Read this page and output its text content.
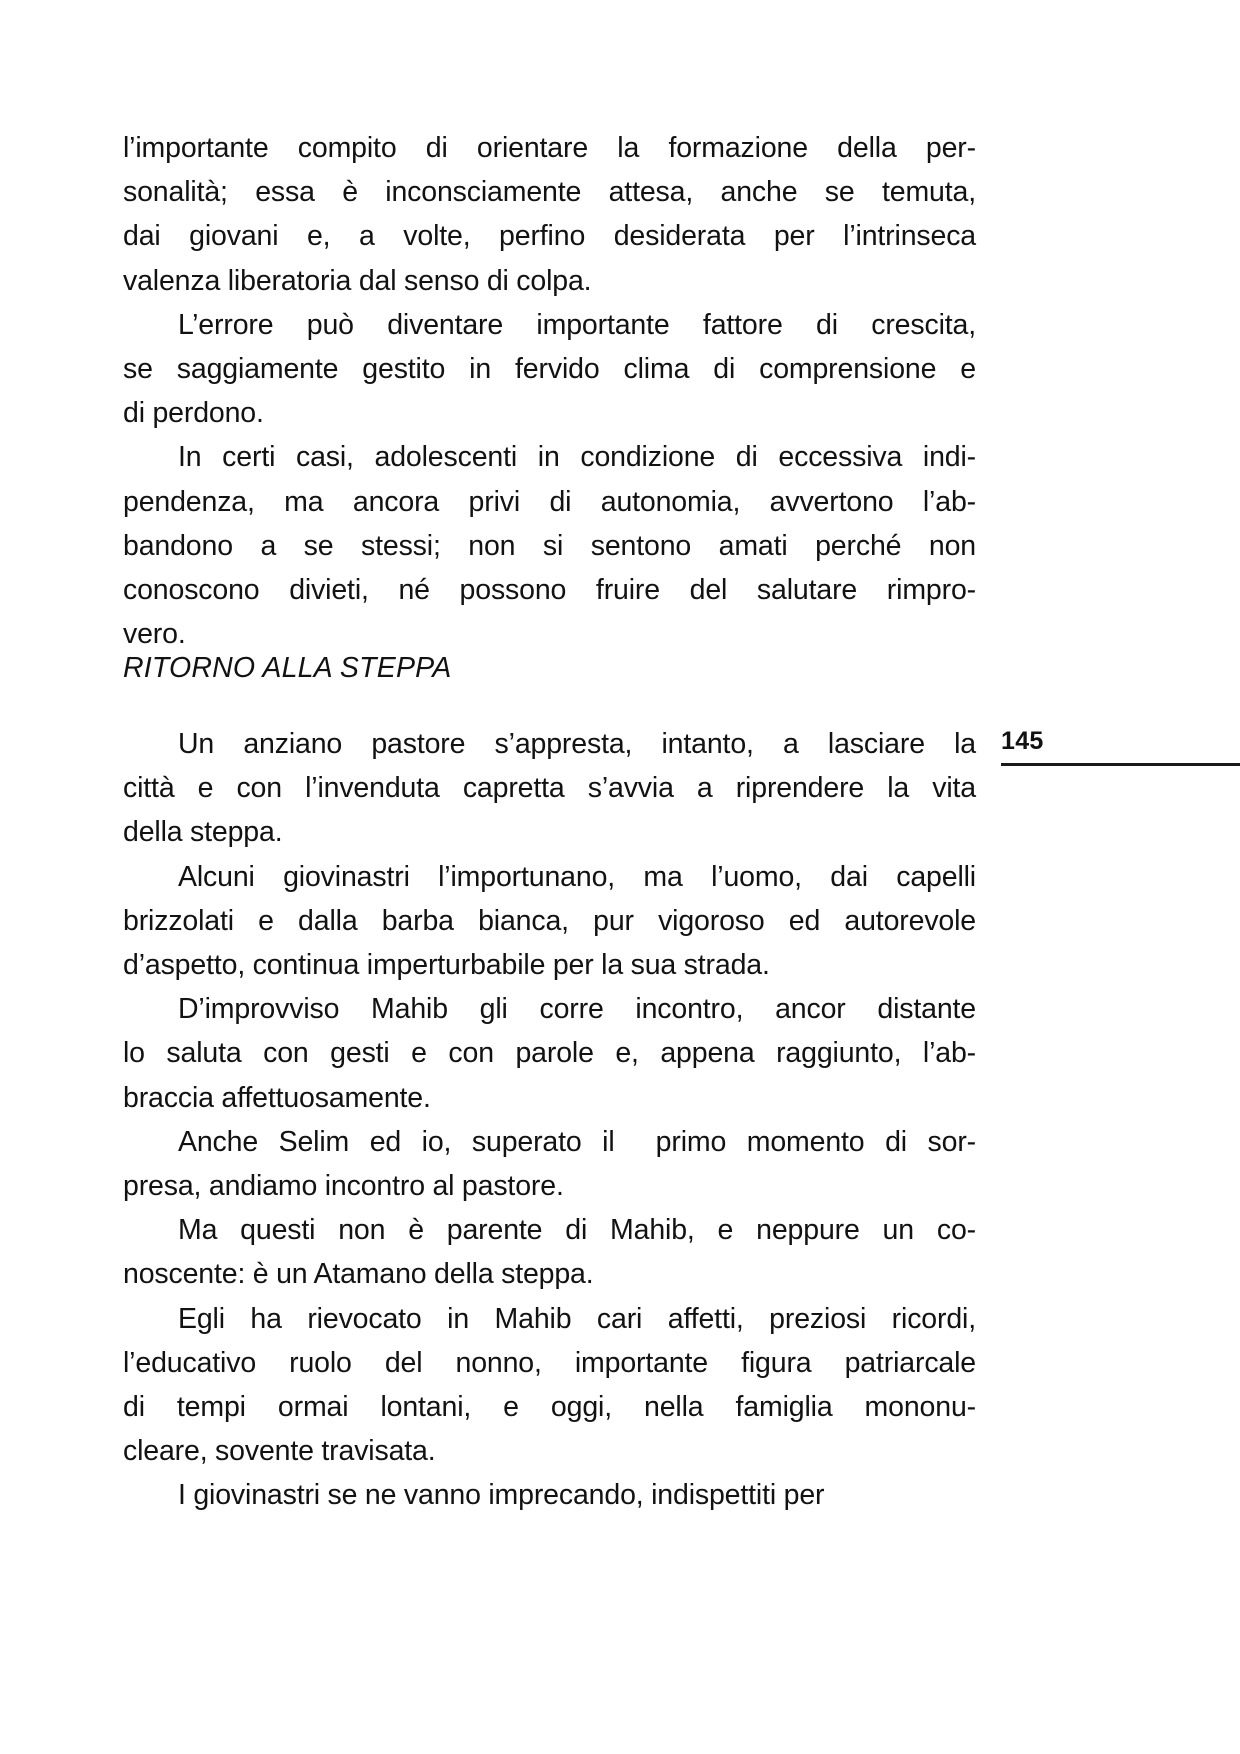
l’importante compito di orientare la formazione della per-
sonalità; essa è inconsciamente attesa, anche se temuta,
dai giovani e, a volte, perfino desiderata per l’intrinseca
valenza liberatoria dal senso di colpa.

L’errore può diventare importante fattore di crescita,
se saggiamente gestito in fervido clima di comprensione e
di perdono.

In certi casi, adolescenti in condizione di eccessiva indi-
pendenza, ma ancora privi di autonomia, avvertono l’ab-
bandono a se stessi; non si sentono amati perché non
conoscono divieti, né possono fruire del salutare rimpro-
vero.

RITORNO ALLA STEPPA
145

Un anziano pastore s’appresta, intanto, a lasciare la
città e con l’invenduta capretta s’avvia a riprendere la vita
della steppa.

Alcuni giovinastri l’importunano, ma l’uomo, dai capelli
brizzolati e dalla barba bianca, pur vigoroso ed autorevole
d’aspetto, continua imperturbabile per la sua strada.

D’improvviso Mahib gli corre incontro, ancor distante
lo saluta con gesti e con parole e, appena raggiunto, l’ab-
braccia affettuosamente.

Anche Selim ed io, superato il  primo momento di sor-
presa, andiamo incontro al pastore.

Ma questi non è parente di Mahib, e neppure un co-
noscente: è un Atamano della steppa.

Egli ha rievocato in Mahib cari affetti, preziosi ricordi,
l’educativo ruolo del nonno, importante figura patriarcale
di tempi ormai lontani, e oggi, nella famiglia mononu-
cleare, sovente travisata.

I giovinastri se ne vanno imprecando, indispettiti per
